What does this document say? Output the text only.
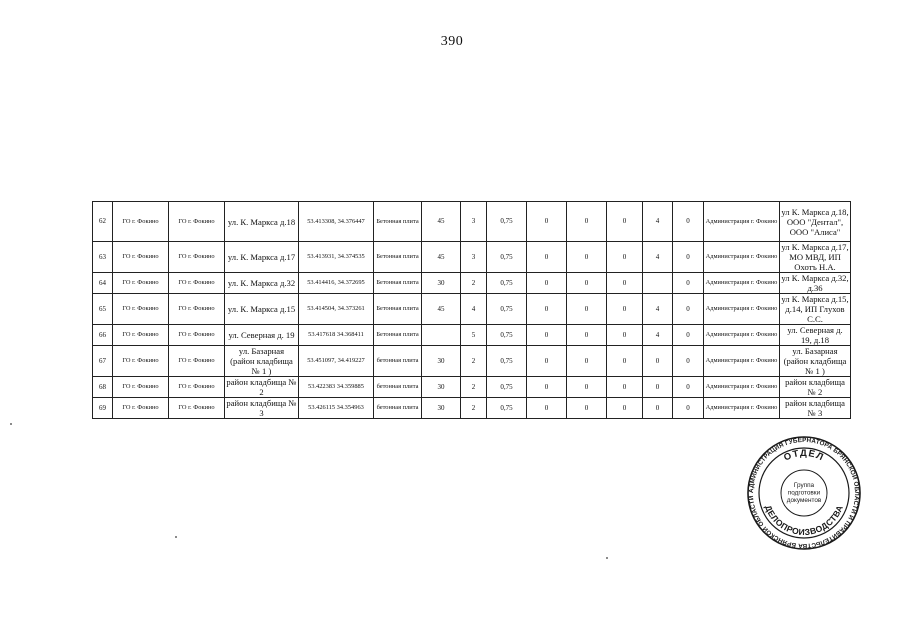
390
62	ГО г. Фокино	ГО г. Фокино	ул. К. Маркса д.18	53.413308, 34.376447	Бетонная плита	45	3	0,75	0	0	0	4	0	Администрация г. Фокино	ул К. Маркса д.18, ООО "Дентал", ООО "Алиса"
63	ГО г. Фокино	ГО г. Фокино	ул. К. Маркса д.17	53.413931, 34.374535	Бетонная плита	45	3	0,75	0	0	0	4	0	Администрация г. Фокино	ул К. Маркса д.17, МО МВД, ИП Охотъ Н.А.
64	ГО г. Фокино	ГО г. Фокино	ул. К. Маркса д.32	53.414416, 34.372695	Бетонная плита	30	2	0,75	0	0	0		0	Администрация г. Фокино	ул К. Маркса д.32, д.36
65	ГО г. Фокино	ГО г. Фокино	ул. К. Маркса д.15	53.414504, 34.373261	Бетонная плита	45	4	0,75	0	0	0	4	0	Администрация г. Фокино	ул К. Маркса д.15, д.14, ИП Глухов С.С.
66	ГО г. Фокино	ГО г. Фокино	ул. Северная д. 19	53.417618 34.368411	Бетонная плита		5	0,75	0	0	0	4	0	Администрация г. Фокино	ул. Северная д. 19, д.18
67	ГО г. Фокино	ГО г. Фокино	ул. Базарная (район кладбища № 1 )	53.451097, 34.419227	бетонная плита	30	2	0,75	0	0	0	0	0	Администрация г. Фокино	ул. Базарная (район кладбища № 1 )
68	ГО г. Фокино	ГО г. Фокино	район кладбища № 2	53.422383 34.359885	бетонная плита	30	2	0,75	0	0	0	0	0	Администрация г. Фокино	район кладбища № 2
69	ГО г. Фокино	ГО г. Фокино	район кладбища № 3	53.426115 34.354963	бетонная плита	30	2	0,75	0	0	0	0	0	Администрация г. Фокино	район кладбища № 3
АДМИНИСТРАЦИЯ ГУБЕРНАТОРА БРЯНСКОЙ ОБЛАСТИ И ПРАВИТЕЛЬСТВА БРЯНСКОЙ ОБЛАСТИ
ОТДЕЛ
ДЕЛОПРОИЗВОДСТВА
Группа
подготовки
документов
